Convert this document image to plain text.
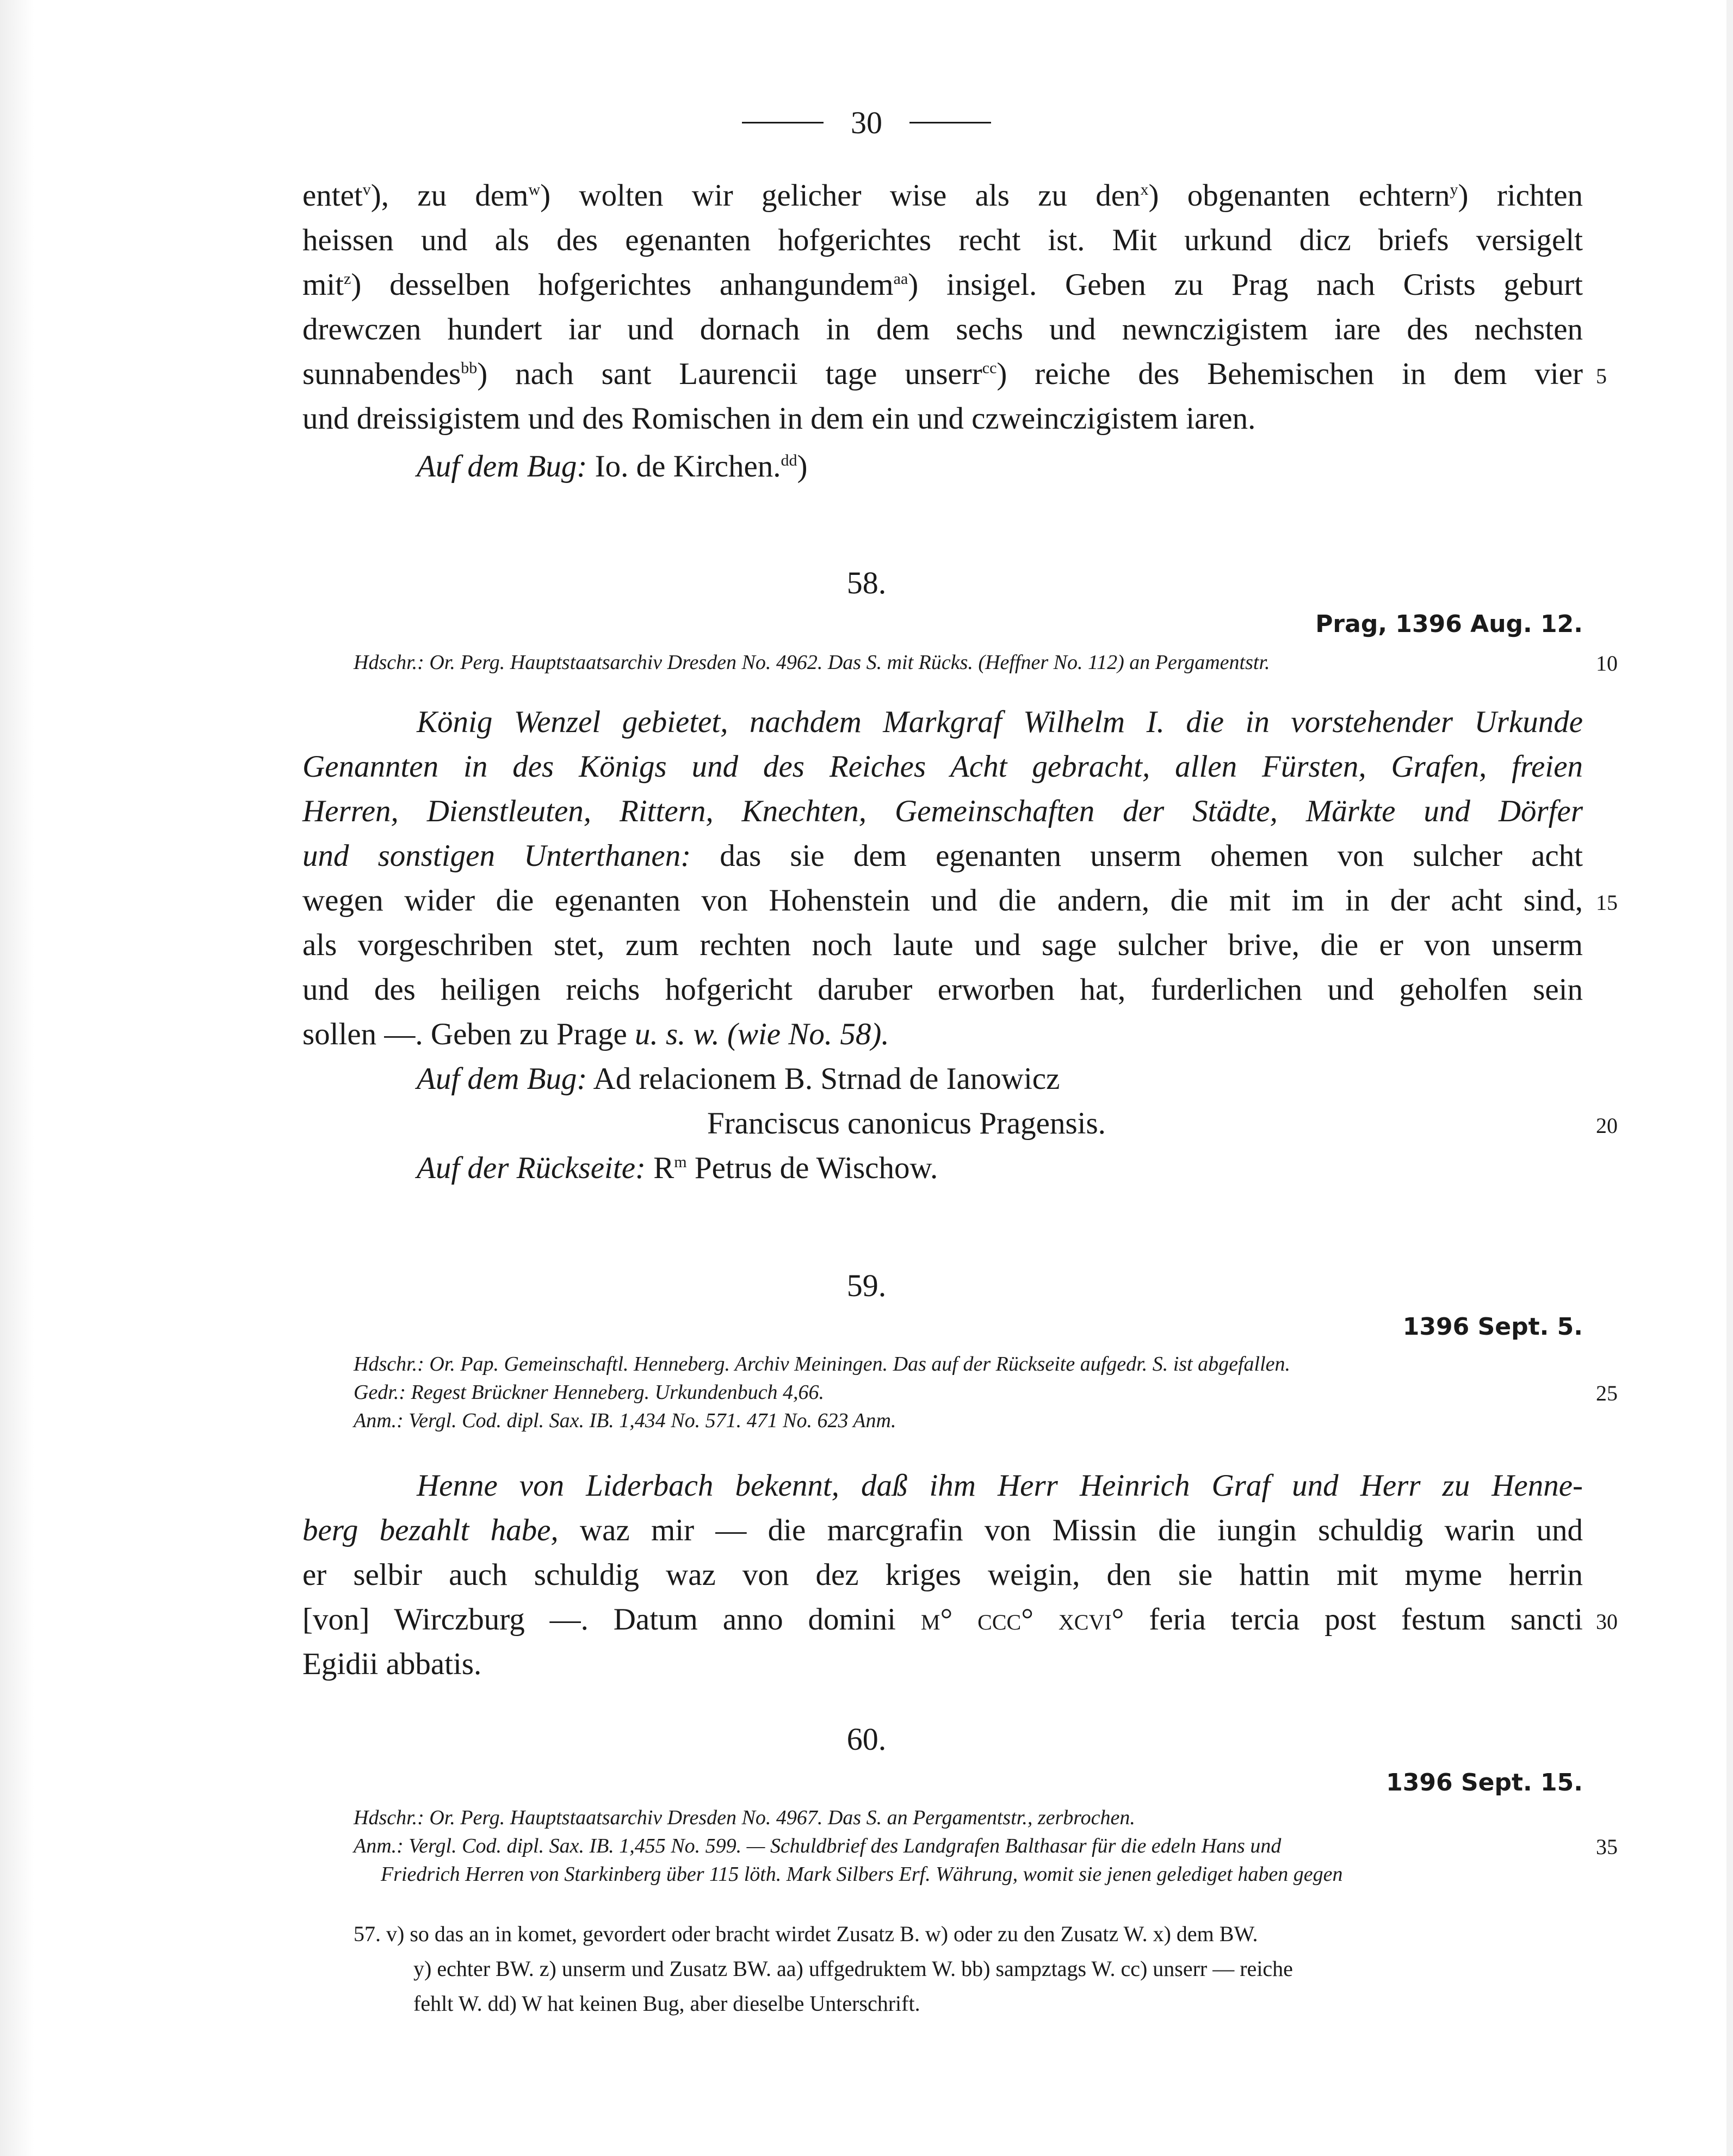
30
entet$^v$), zu dem$^w$) wolten wir gelicher wise als zu den$^x$) obgenanten echtern$^y$) richten
heissen und als des egenanten hofgerichtes recht ist. Mit urkund dicz briefs versigelt
mit$^z$) desselben hofgerichtes anhangundem$^{aa}$) insigel. Geben zu Prag nach Crists geburt
drewczen hundert iar und dornach in dem sechs und newnczigistem iare des nechsten
sunnabendes$^{bb}$) nach sant Laurencii tage unserr$^{cc}$) reiche des Behemischen in dem vier 5
und dreissigistem und des Romischen in dem ein und czweinczigistem iaren.
Auf dem Bug: Io. de Kirchen.$^{dd}$)
58.
Prag, 1396 Aug. 12.
Hdschr.: Or. Perg. Hauptstaatsarchiv Dresden No. 4962. Das S. mit Rücks. (Heffner No. 112) an Pergamentstr.	10
König Wenzel gebietet, nachdem Markgraf Wilhelm I. die in vorstehender Urkunde
Genannten in des Königs und des Reiches Acht gebracht, allen Fürsten, Grafen, freien
Herren, Dienstleuten, Rittern, Knechten, Gemeinschaften der Städte, Märkte und Dörfer
und sonstigen Unterthanen: das sie dem egenanten unserm ohemen von sulcher acht
wegen wider die egenanten von Hohenstein und die andern, die mit im in der acht sind, 15
als vorgeschriben stet, zum rechten noch laute und sage sulcher brive, die er von unserm
und des heiligen reichs hofgericht daruber erworben hat, furderlichen und geholfen sein
sollen —. Geben zu Prage u. s. w. (wie No. 58).
Auf dem Bug: Ad relacionem B. Strnad de Ianowicz
Franciscus canonicus Pragensis.	20
Auf der Rückseite: $R^m$ Petrus de Wischow.
59.
1396 Sept. 5.
Hdschr.: Or. Pap. Gemeinschaftl. Henneberg. Archiv Meiningen. Das auf der Rückseite aufgedr. S. ist abgefallen.
Gedr.: Regest Brückner Henneberg. Urkundenbuch 4,66.	25
Anm.: Vergl. Cod. dipl. Sax. IB. 1,434 No. 571. 471 No. 623 Anm.
Henne von Liderbach bekennt, daß ihm Herr Heinrich Graf und Herr zu Henne-
berg bezahlt habe, waz mir — die marcgrafin von Missin die iungin schuldig warin und
er selbir auch schuldig waz von dez kriges weigin, den sie hattin mit myme herrin
[von] Wirczburg —. Datum anno domini m° ccc° xcvi° feria tercia post festum sancti 30
Egidii abbatis.
60.
1396 Sept. 15.
Hdschr.: Or. Perg. Hauptstaatsarchiv Dresden No. 4967. Das S. an Pergamentstr., zerbrochen.
Anm.: Vergl. Cod. dipl. Sax. IB. 1,455 No. 599. — Schuldbrief des Landgrafen Balthasar für die edeln Hans und	35
Friedrich Herren von Starkinberg über 115 löth. Mark Silbers Erf. Währung, womit sie jenen gelediget haben gegen
57. v) so das an in komet, gevordert oder bracht wirdet Zusatz B. w) oder zu den Zusatz W. x) dem BW.
y) echter BW. z) unserm und Zusatz BW. aa) uffgedruktem W. bb) sampztags W. cc) unserr — reiche
fehlt W. dd) W hat keinen Bug, aber dieselbe Unterschrift.
